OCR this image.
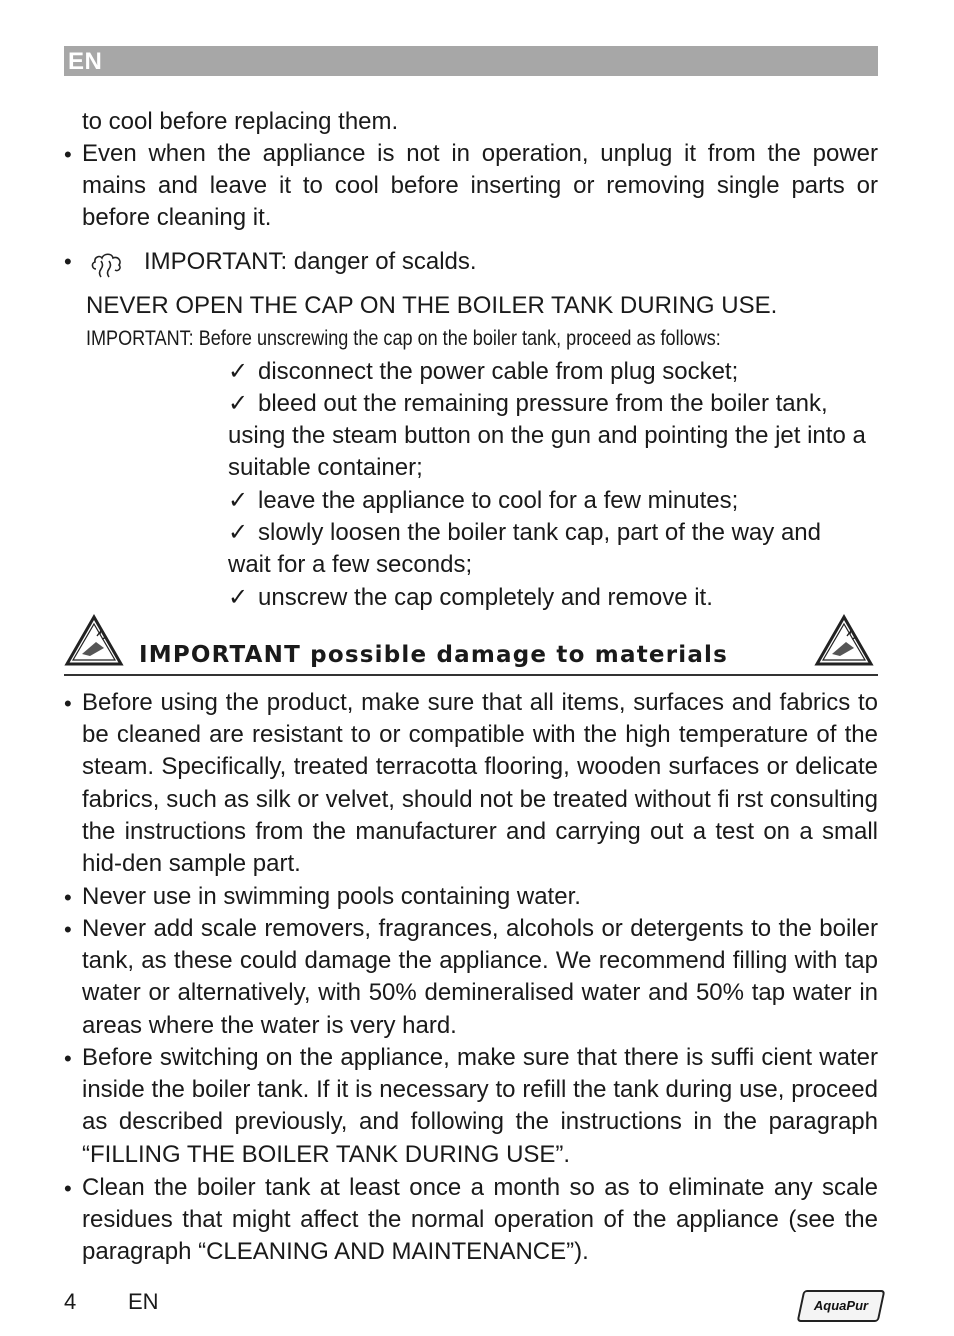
EN
to cool before replacing them.
• Even when the appliance is not in operation, unplug it from the power mains and leave it to cool before inserting or removing single parts or before cleaning it.
•	IMPORTANT: danger of scalds.
NEVER OPEN THE CAP ON THE BOILER TANK DURING USE.
IMPORTANT: Before unscrewing the cap on the boiler tank, proceed as follows:
✓ disconnect the power cable from plug socket;
✓ bleed out the remaining pressure from the boiler tank, using the steam button on the gun and pointing the jet into a suitable container;
✓ leave the appliance to cool for a few minutes;
✓ slowly loosen the boiler tank cap, part of the way and wait for a few seconds;
✓ unscrew the cap completely and remove it.
IMPORTANT possible damage to materials
• Before using the product, make sure that all items, surfaces and fabrics to be cleaned are resistant to or compatible with the high temperature of the steam. Specifically, treated terracotta flooring, wooden surfaces or delicate fabrics, such as silk or velvet, should not be treated without fi rst consulting the instructions from the manufacturer and carrying out a test on a small hid-den sample part.
• Never use in swimming pools containing water.
• Never add scale removers, fragrances, alcohols or detergents to the boiler tank, as these could damage the appliance. We recommend filling with tap water or alternatively, with 50% demineralised water and 50% tap water in areas where the water is very hard.
• Before switching on the appliance, make sure that there is suffi cient water inside the boiler tank. If it is necessary to refill the tank during use, proceed as described previously, and following the instructions in the paragraph “FILLING THE BOILER TANK DURING USE”.
• Clean the boiler tank at least once a month so as to eliminate any scale residues that might affect the normal operation of the appliance (see the paragraph “CLEANING AND MAINTENANCE”).
4 EN	AquaPur
